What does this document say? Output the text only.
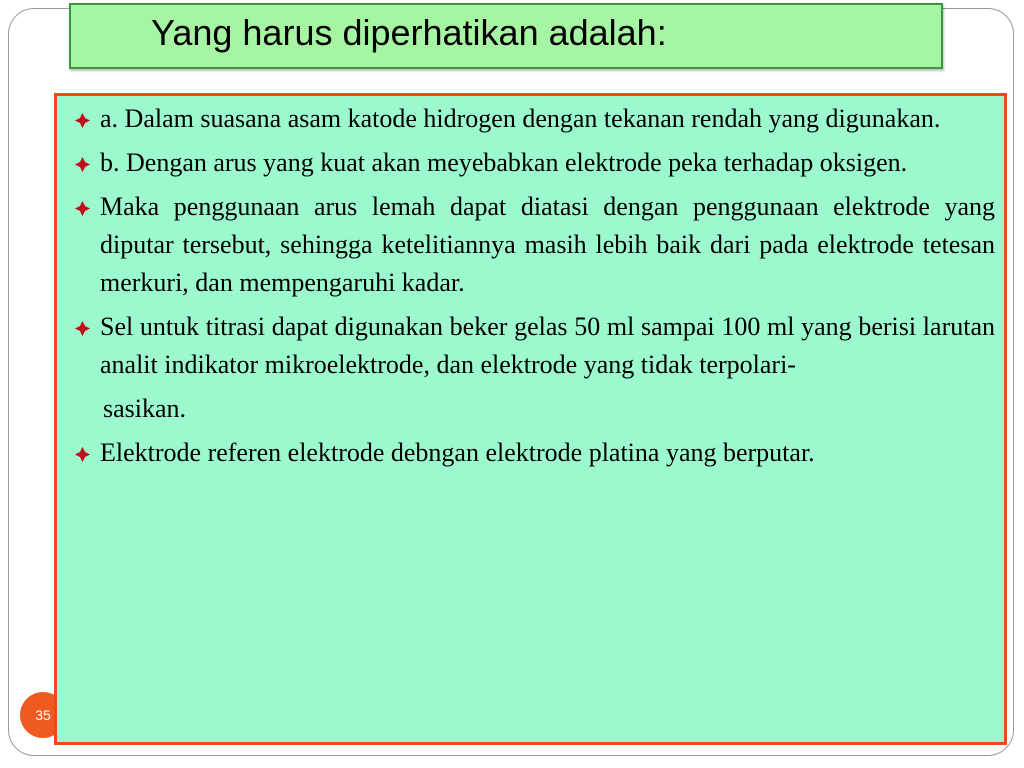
35
Yang harus diperhatikan adalah:
a. Dalam suasana asam katode hidrogen dengan tekanan rendah yang digunakan.
b. Dengan arus yang kuat akan meyebabkan elektrode peka terhadap oksigen.
Maka penggunaan arus lemah dapat diatasi dengan penggunaan elektrode yang diputar tersebut, sehingga ketelitiannya masih lebih baik dari pada elektrode tetesan merkuri, dan mempengaruhi kadar.
Sel untuk titrasi dapat digunakan beker gelas 50 ml sampai 100 ml yang berisi larutan analit indikator mikroelektrode, dan elektrode yang tidak terpolari-
sasikan.
Elektrode referen elektrode debngan elektrode platina yang berputar.
